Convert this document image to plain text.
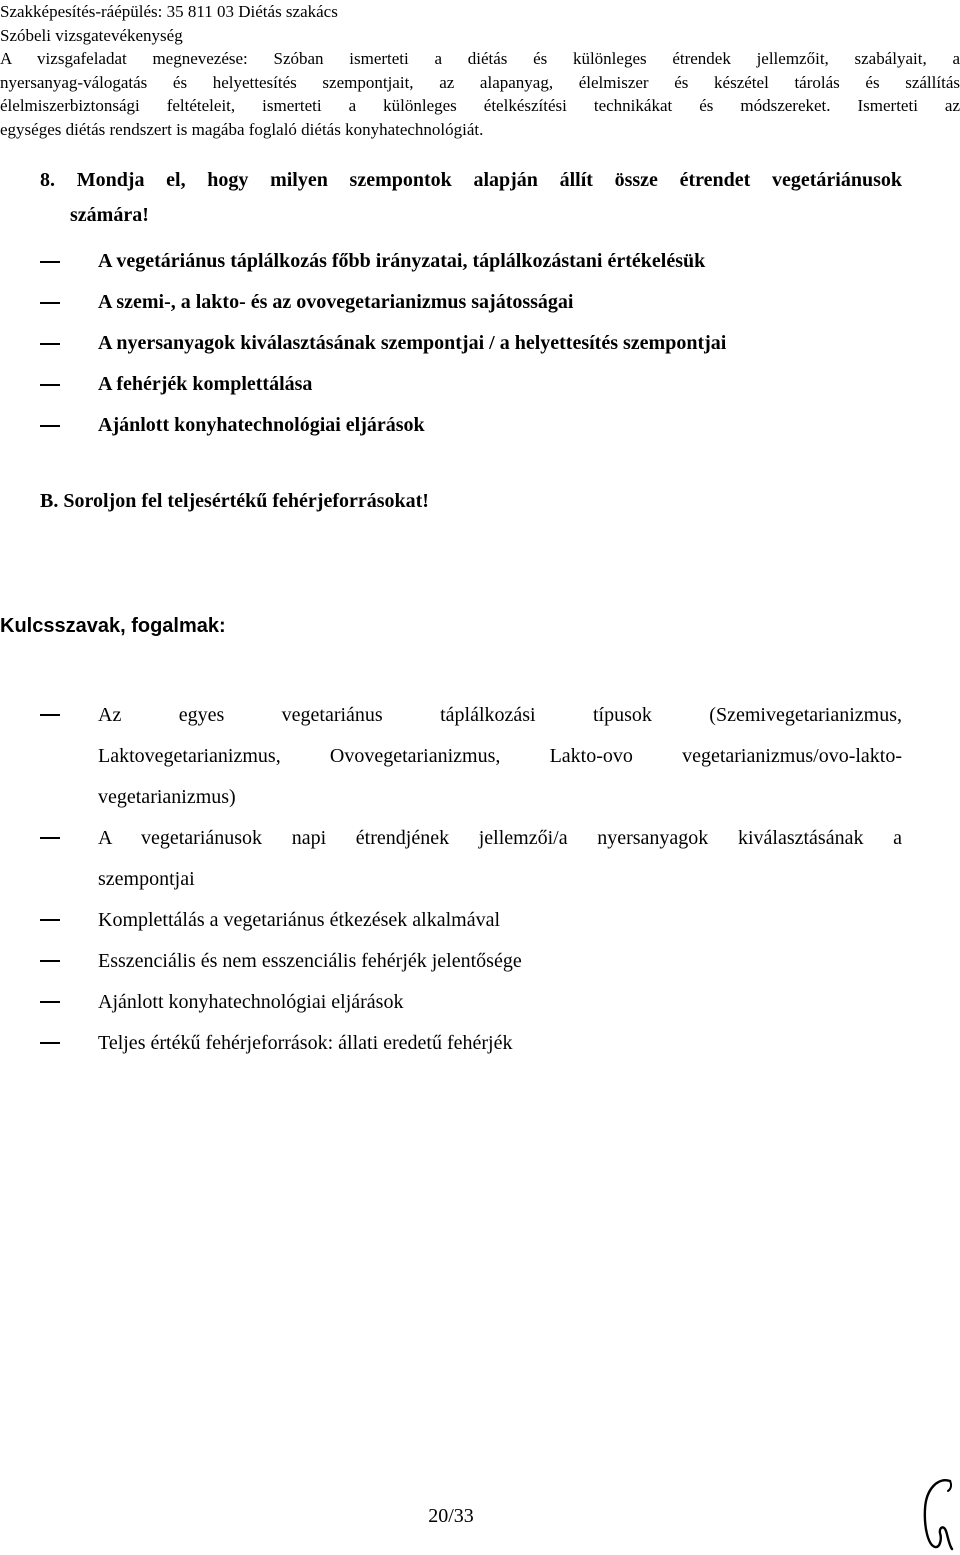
Szakképesítés-ráépülés: 35 811 03 Diétás szakács
Szóbeli vizsgatevékenység
A vizsgafeladat megnevezése: Szóban ismerteti a diétás és különleges étrendek jellemzőit, szabályait, a
nyersanyag-válogatás és helyettesítés szempontjait, az alapanyag, élelmiszer és készétel tárolás és szállítás
élelmiszerbiztonsági feltételeit, ismerteti a különleges ételkészítési technikákat és módszereket. Ismerteti az
egységes diétás rendszert is magába foglaló diétás konyhatechnológiát.
8. Mondja el, hogy milyen szempontok alapján állít össze étrendet vegetáriánusok
számára!
A vegetáriánus táplálkozás főbb irányzatai, táplálkozástani értékelésük
A szemi-, a lakto- és az ovovegetarianizmus sajátosságai
A nyersanyagok kiválasztásának szempontjai / a helyettesítés szempontjai
A fehérjék komplettálása
Ajánlott konyhatechnológiai eljárások
B. Soroljon fel teljesértékű fehérjeforrásokat!
Kulcsszavak, fogalmak:
Az egyes vegetariánus táplálkozási típusok (Szemivegetarianizmus,
Laktovegetarianizmus, Ovovegetarianizmus, Lakto-ovo vegetarianizmus/ovo-lakto-
vegetarianizmus)
A vegetariánusok napi étrendjének jellemzői/a nyersanyagok kiválasztásának a
szempontjai
Komplettálás a vegetariánus étkezések alkalmával
Esszenciális és nem esszenciális fehérjék jelentősége
Ajánlott konyhatechnológiai eljárások
Teljes értékű fehérjeforrások: állati eredetű fehérjék
20/33
